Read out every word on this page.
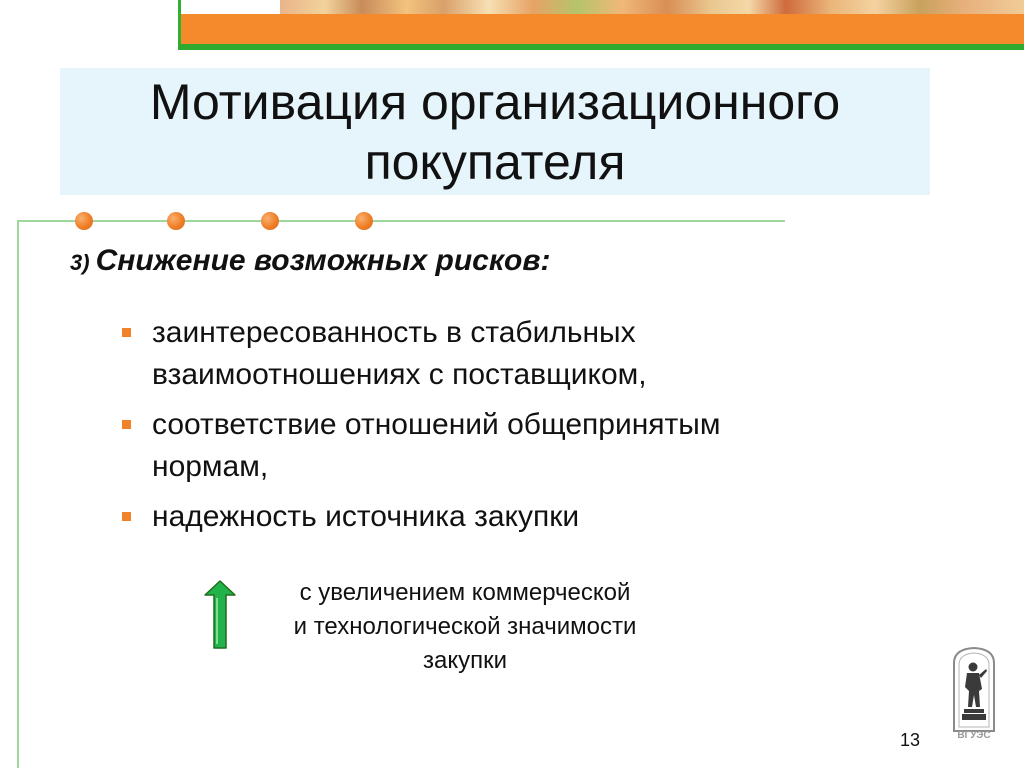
Мотивация организационного
покупателя
3) Снижение возможных рисков:
заинтересованность в стабильных
взаимоотношениях с поставщиком,
соответствие отношений общепринятым
нормам,
надежность источника закупки
с увеличением коммерческой
и технологической значимости
закупки
ВГУЭС
13
